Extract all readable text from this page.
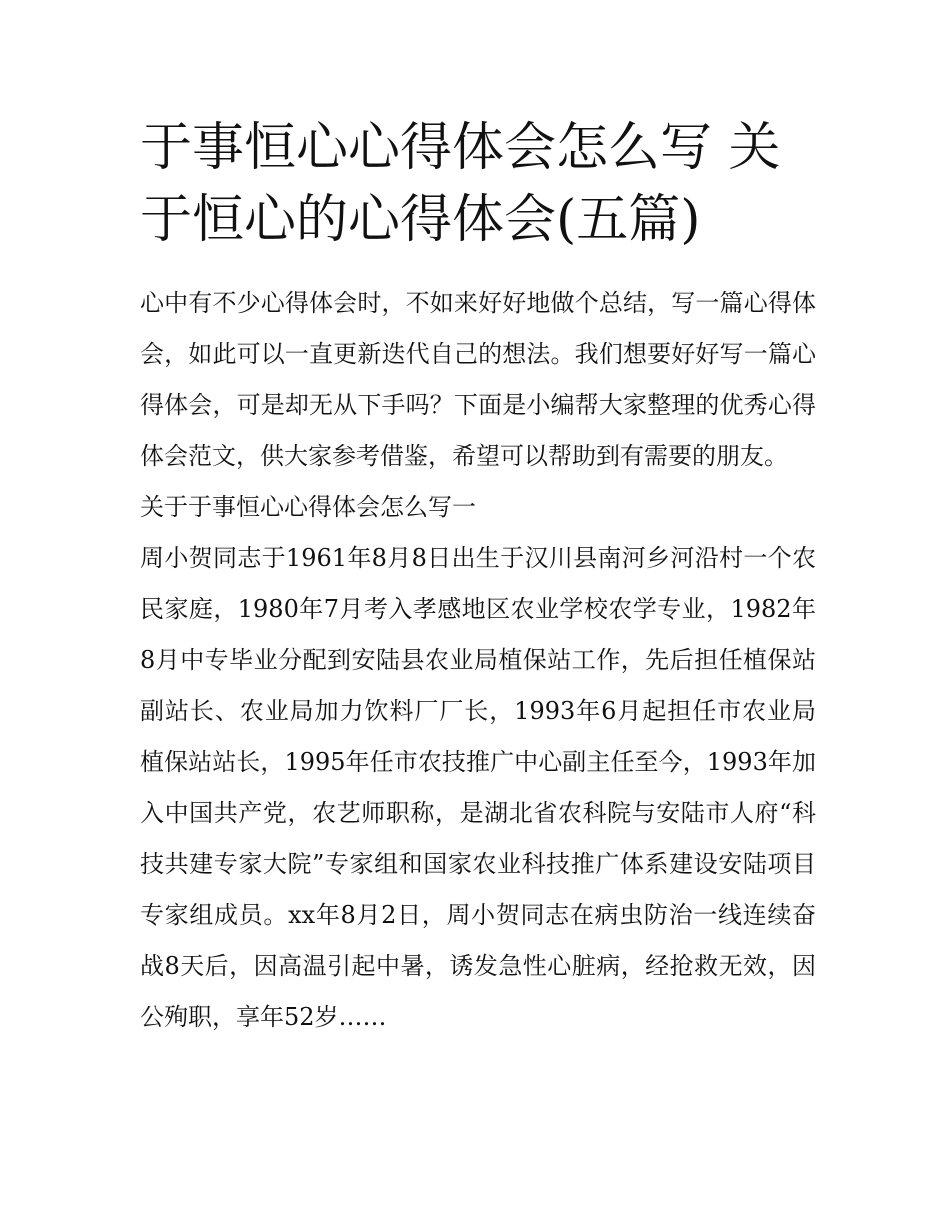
于事恒心心得体会怎么写 关于恒心的心得体会(五篇)

心中有不少心得体会时，不如来好好地做个总结，写一篇心得体会，如此可以一直更新迭代自己的想法。我们想要好好写一篇心得体会，可是却无从下手吗？下面是小编帮大家整理的优秀心得体会范文，供大家参考借鉴，希望可以帮助到有需要的朋友。

关于于事恒心心得体会怎么写一

周小贺同志于1961年8月8日出生于汉川县南河乡河沿村一个农民家庭，1980年7月考入孝感地区农业学校农学专业，1982年8月中专毕业分配到安陆县农业局植保站工作，先后担任植保站副站长、农业局加力饮料厂厂长，1993年6月起担任市农业局植保站站长，1995年任市农技推广中心副主任至今，1993年加入中国共产党，农艺师职称，是湖北省农科院与安陆市人府“科技共建专家大院”专家组和国家农业科技推广体系建设安陆项目专家组成员。xx年8月2日，周小贺同志在病虫防治一线连续奋战8天后，因高温引起中暑，诱发急性心脏病，经抢救无效，因公殉职，享年52岁……
